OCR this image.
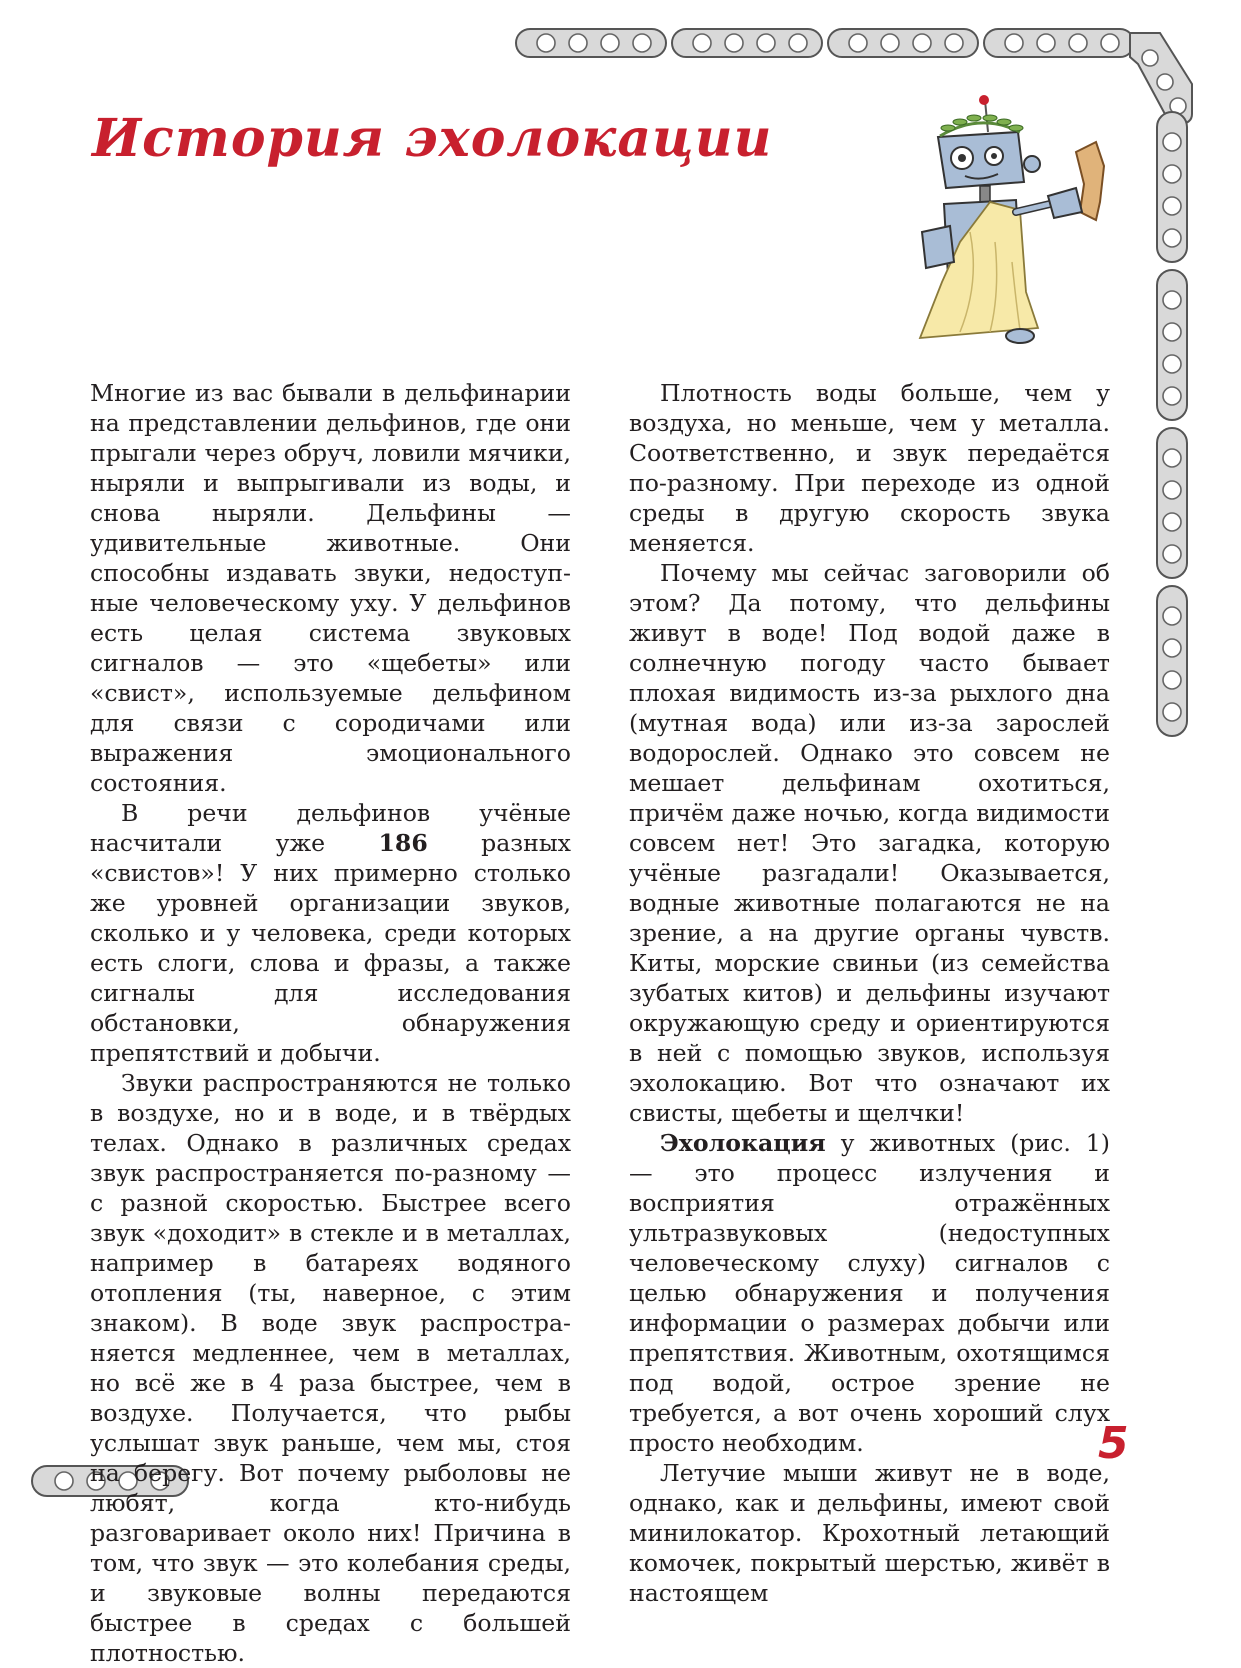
История эхолокации

Многие из вас бывали в дельфинарии на представлении дельфинов, где они прыгали через обруч, ловили мячики, ныряли и выпрыгивали из воды, и снова ныряли. Дельфины — удивительные животные.	Они способны издавать звуки, недоступные человеческому уху. У дельфинов есть целая система звуковых сигналов — это «щебеты» или «свист», используемые дельфином для связи с сородичами или выражения эмоционального состояния.

В речи дельфинов учёные насчитали уже 186 разных «свистов»! У них примерно столько же уровней организации звуков, сколько и у человека, среди которых есть слоги, слова и фразы, а также сигналы для исследования обстановки,	обнаружения препятствий и добычи.

Звуки распространяются не только в воздухе, но и в воде, и в твёрдых телах. Однако в различных средах звук распространяется по-разному — с разной скоростью. Быстрее всего звук «доходит» в стекле и в металлах, например в батареях водяного отопления (ты, наверное, с этим знаком). В воде звук распространяется медленнее, чем в металлах, но всё же в 4 раза быстрее, чем в воздухе. Получается, что рыбы услышат звук раньше, чем мы, стоя на берегу. Вот почему рыболовы не любят, когда кто-нибудь разговаривает около них! Причина в том, что звук — это колебания среды, и звуковые волны передаются быстрее в средах с большей плотностью.

Плотность воды больше, чем у воздуха, но меньше, чем у металла. Соответственно, и звук передаётся по-разному. При переходе из одной среды в другую скорость звука меняется.

Почему мы сейчас заговорили об этом? Да потому, что дельфины живут в воде! Под водой даже в солнечную погоду часто бывает плохая видимость из-за рыхлого дна (мутная вода) или из-за зарослей водорослей. Однако это совсем не мешает дельфинам охотиться, причём даже ночью, когда видимости совсем нет! Это загадка, которую учёные разгадали! Оказывается, водные животные полагаются не на зрение, а на другие органы чувств. Киты, морские свиньи (из семейства зубатых китов) и дельфины изучают окружающую среду и ориентируются в ней с помощью звуков, используя эхолокацию. Вот что означают их свисты, щебеты и щелчки!

Эхолокация у животных (рис. 1) — это процесс излучения и восприятия отражённых ультразвуковых (недоступных человеческому слуху) сигналов с целью обнаружения и получения информации о размерах добычи или препятствия. Животным, охотящимся под водой, острое зрение не требуется, а вот очень хороший слух просто необходим.

Летучие мыши живут не в воде, однако, как и дельфины, имеют свой минилокатор. Крохотный летающий комочек, покрытый шерстью, живёт в настоящем

5
